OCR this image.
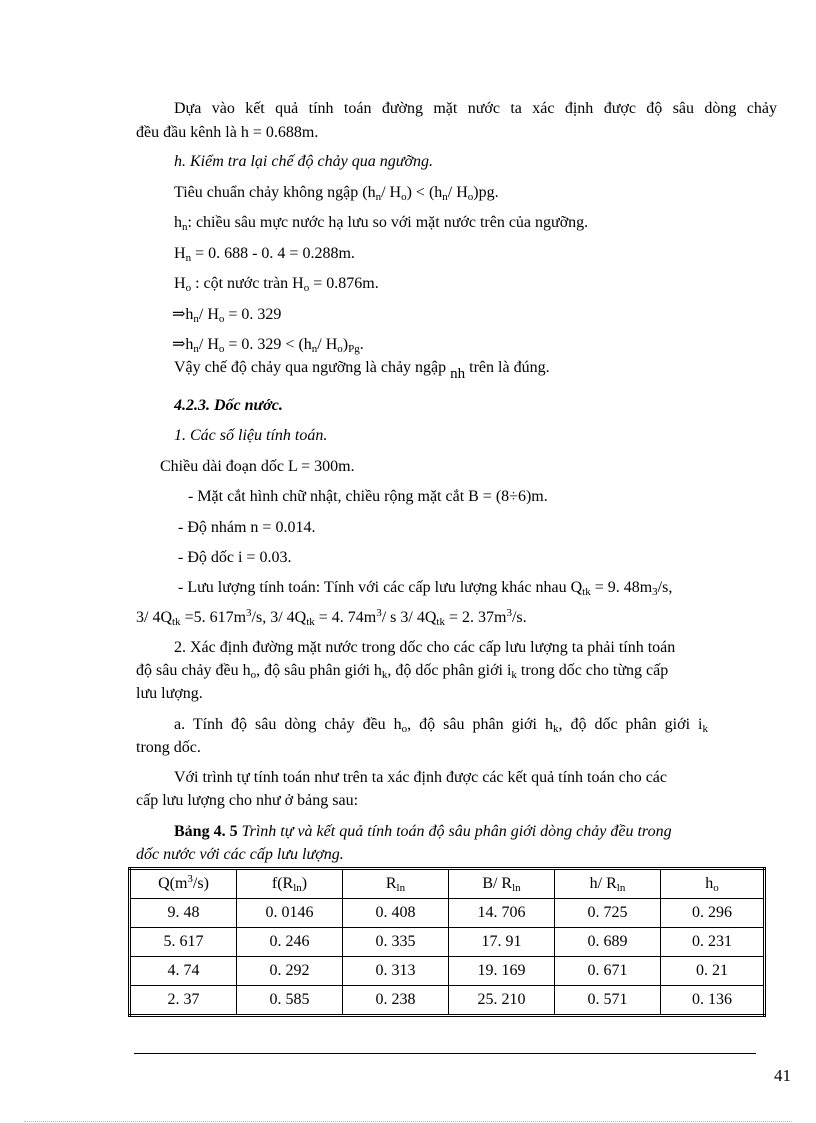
Dựa vào kết quả tính toán đường mặt nước ta xác định được độ sâu dòng chảy
đều đầu kênh là h = 0.688m.
h. Kiểm tra lại chế độ chảy qua ngưỡng.
Tiêu chuẩn chảy không ngập ($h_n/$ $H_o) < (h_n/$ $H_o)pg$.
$h_n$: chiều sâu mực nước hạ lưu so với mặt nước trên của ngưỡng.
$H_n = 0$. 688 - 0. 4 = 0.288m.
$H_o$ : cột nước tràn $H_o = 0.876m$.
$\Rightarrow h_n/$ $H_o = 0$. 329
$\Rightarrow h_n/$ $H_o = 0$. $329 < (h_n/$ $H_o)_{Pg}$.
Vậy chế độ chảy qua ngưỡng là chảy ngập $_{nh}$ trên là đúng.
4.2.3. Dốc nước.
1. Các số liệu tính toán.
Chiều dài đoạn dốc L = 300m.
- Mặt cắt hình chữ nhật, chiều rộng mặt cắt B = (8÷6)m.
- Độ nhám n = 0.014.
- Độ dốc i = 0.03.
- Lưu lượng tính toán: Tính với các cấp lưu lượng khác nhau $Q_{tk} = 9$. $48m_3/s$,
3/ $4Q_{tk} =5$. $617m^3/s$, 3/ $4Q_{tk} = 4$. $74m^3/$ s 3/ $4Q_{tk} = 2$. $37m^3/s$.
2. Xác định đường mặt nước trong dốc cho các cấp lưu lượng ta phải tính toán
độ sâu chảy đều $h_o$, độ sâu phân giới $h_k$, độ dốc phân giới $i_k$ trong dốc cho từng cấp
lưu lượng.
a. Tính độ sâu dòng chảy đều $h_o$, độ sâu phân giới $h_k$, độ dốc phân giới $i_k$
trong dốc.
Với trình tự tính toán như trên ta xác định được các kết quả tính toán cho các
cấp lưu lượng cho như ở bảng sau:
Bảng 4. 5 Trình tự và kết quả tính toán độ sâu phân giới dòng chảy đều trong
dốc nước với các cấp lưu lượng.
$Q(m^3/s)$	$f(R_{ln})$	$R_{ln}$	B/ $R_{ln}$	h/ $R_{ln}$	$h_o$
9. 48	0. 0146	0. 408	14. 706	0. 725	0. 296
5. 617	0. 246	0. 335	17. 91	0. 689	0. 231
4. 74	0. 292	0. 313	19. 169	0. 671	0. 21
2. 37	0. 585	0. 238	25. 210	0. 571	0. 136
41
